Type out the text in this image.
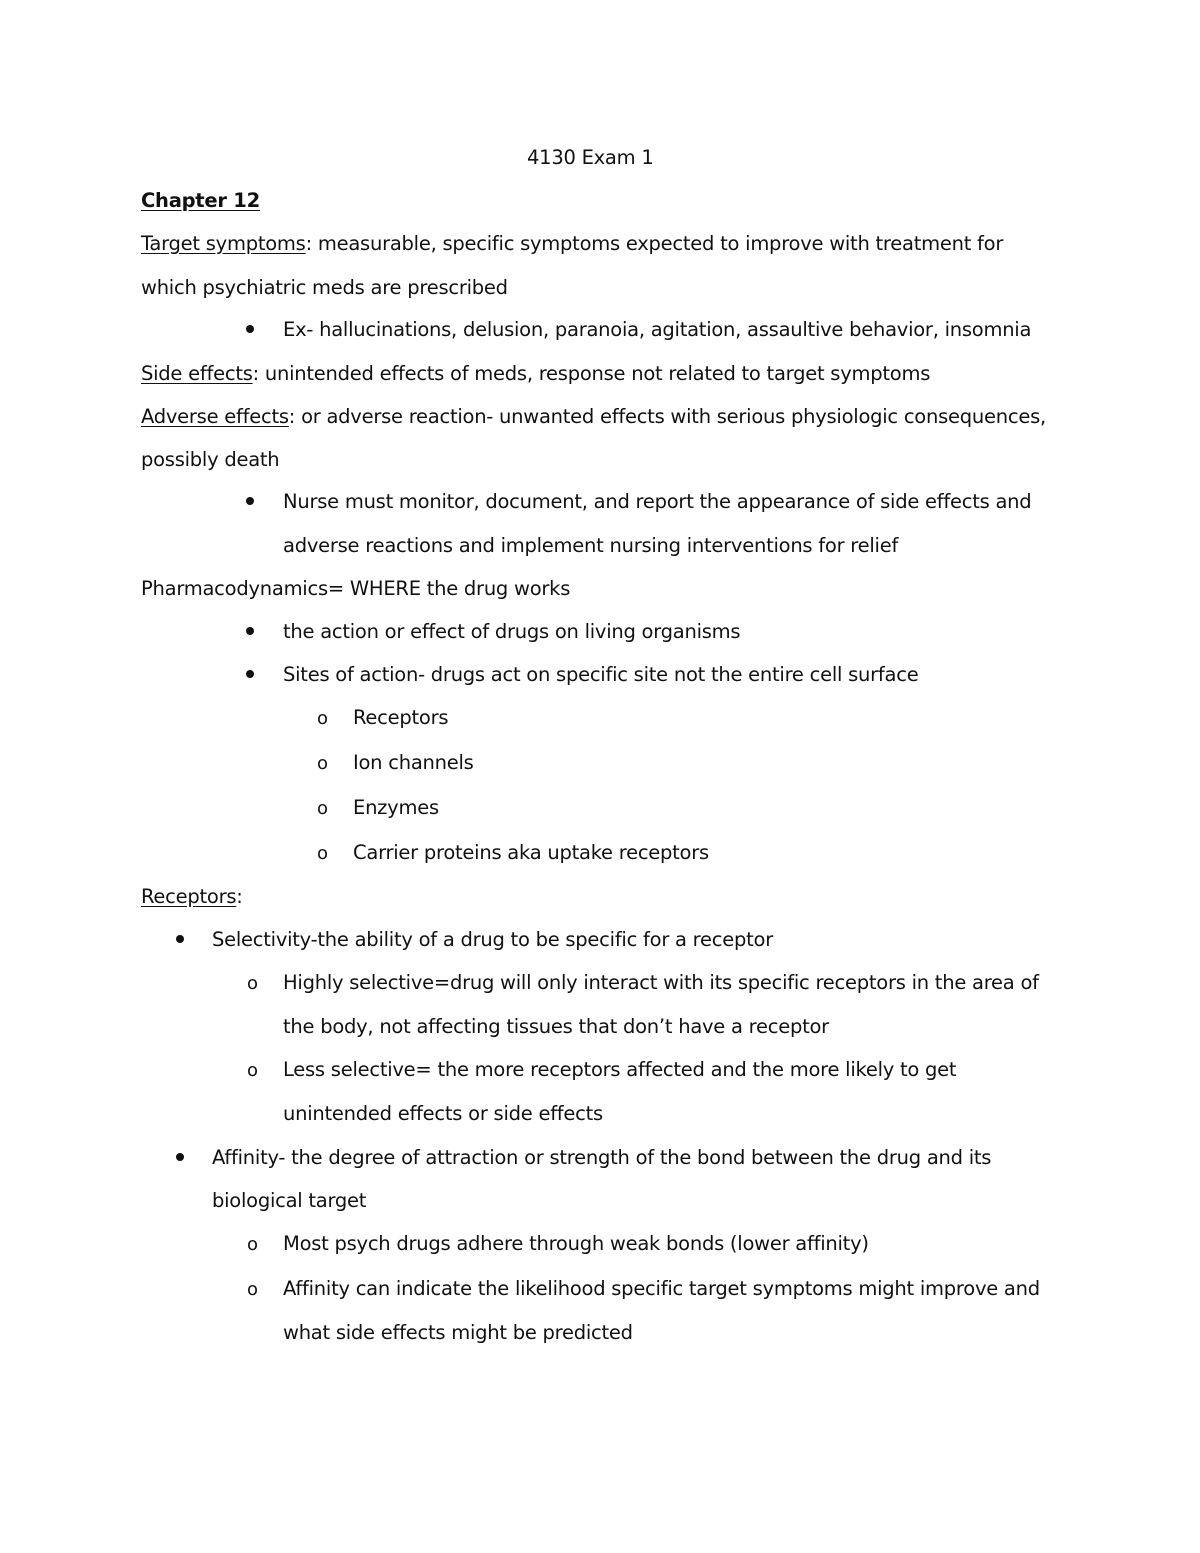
4130 Exam 1
Chapter 12
Target symptoms: measurable, specific symptoms expected to improve with treatment for
which psychiatric meds are prescribed
Ex- hallucinations, delusion, paranoia, agitation, assaultive behavior, insomnia
Side effects: unintended effects of meds, response not related to target symptoms
Adverse effects: or adverse reaction- unwanted effects with serious physiologic consequences,
possibly death
Nurse must monitor, document, and report the appearance of side effects and
adverse reactions and implement nursing interventions for relief
Pharmacodynamics= WHERE the drug works
the action or effect of drugs on living organisms
Sites of action- drugs act on specific site not the entire cell surface
o Receptors
o Ion channels
o Enzymes
o Carrier proteins aka uptake receptors
Receptors:
Selectivity-the ability of a drug to be specific for a receptor
o Highly selective=drug will only interact with its specific receptors in the area of
the body, not affecting tissues that don’t have a receptor
o Less selective= the more receptors affected and the more likely to get
unintended effects or side effects
Affinity- the degree of attraction or strength of the bond between the drug and its
biological target
o Most psych drugs adhere through weak bonds (lower affinity)
o Affinity can indicate the likelihood specific target symptoms might improve and
what side effects might be predicted
